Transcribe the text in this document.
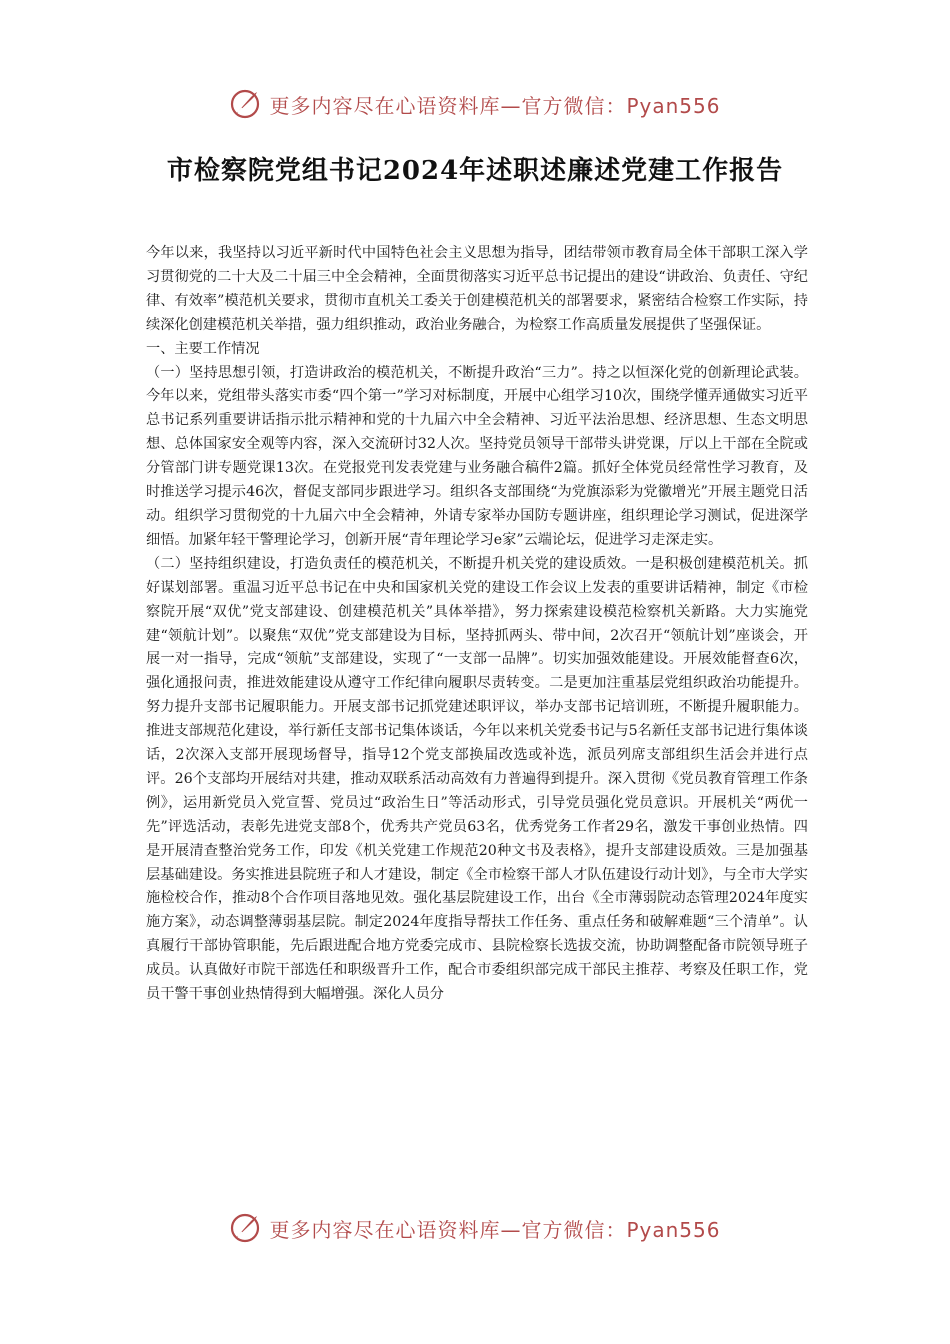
更多内容尽在心语资料库—官方微信：Pyan556
市检察院党组书记2024年述职述廉述党建工作报告

今年以来，我坚持以习近平新时代中国特色社会主义思想为指导，团结带领市教育局全体干部职工深入学习贯彻党的二十大及二十届三中全会精神，全面贯彻落实习近平总书记提出的建设“讲政治、负责任、守纪律、有效率”模范机关要求，贯彻市直机关工委关于创建模范机关的部署要求，紧密结合检察工作实际，持续深化创建模范机关举措，强力组织推动，政治业务融合，为检察工作高质量发展提供了坚强保证。

一、主要工作情况

（一）坚持思想引领，打造讲政治的模范机关，不断提升政治“三力”。持之以恒深化党的创新理论武装。今年以来，党组带头落实市委“四个第一”学习对标制度，开展中心组学习10次，围绕学懂弄通做实习近平总书记系列重要讲话指示批示精神和党的十九届六中全会精神、习近平法治思想、经济思想、生态文明思想、总体国家安全观等内容，深入交流研讨32人次。坚持党员领导干部带头讲党课，厅以上干部在全院或分管部门讲专题党课13次。在党报党刊发表党建与业务融合稿件2篇。抓好全体党员经常性学习教育，及时推送学习提示46次，督促支部同步跟进学习。组织各支部围绕“为党旗添彩为党徽增光”开展主题党日活动。组织学习贯彻党的十九届六中全会精神，外请专家举办国防专题讲座，组织理论学习测试，促进深学细悟。加紧年轻干警理论学习，创新开展“青年理论学习e家”云端论坛，促进学习走深走实。

（二）坚持组织建设，打造负责任的模范机关，不断提升机关党的建设质效。一是积极创建模范机关。抓好谋划部署。重温习近平总书记在中央和国家机关党的建设工作会议上发表的重要讲话精神，制定《市检察院开展“双优”党支部建设、创建模范机关”具体举措》，努力探索建设模范检察机关新路。大力实施党建“领航计划”。以聚焦“双优”党支部建设为目标，坚持抓两头、带中间，2次召开“领航计划”座谈会，开展一对一指导，完成“领航”支部建设，实现了“一支部一品牌”。切实加强效能建设。开展效能督查6次，强化通报问责，推进效能建设从遵守工作纪律向履职尽责转变。二是更加注重基层党组织政治功能提升。努力提升支部书记履职能力。开展支部书记抓党建述职评议，举办支部书记培训班，不断提升履职能力。推进支部规范化建设，举行新任支部书记集体谈话，今年以来机关党委书记与5名新任支部书记进行集体谈话，2次深入支部开展现场督导，指导12个党支部换届改选或补选，派员列席支部组织生活会并进行点评。26个支部均开展结对共建，推动双联系活动高效有力普遍得到提升。深入贯彻《党员教育管理工作条例》，运用新党员入党宣誓、党员过“政治生日”等活动形式，引导党员强化党员意识。开展机关“两优一先”评选活动，表彰先进党支部8个，优秀共产党员63名，优秀党务工作者29名，激发干事创业热情。四是开展清查整治党务工作，印发《机关党建工作规范20种文书及表格》，提升支部建设质效。三是加强基层基础建设。务实推进县院班子和人才建设，制定《全市检察干部人才队伍建设行动计划》，与全市大学实施检校合作，推动8个合作项目落地见效。强化基层院建设工作，出台《全市薄弱院动态管理2024年度实施方案》，动态调整薄弱基层院。制定2024年度指导帮扶工作任务、重点任务和破解难题“三个清单”。认真履行干部协管职能，先后跟进配合地方党委完成市、县院检察长选拔交流，协助调整配备市院领导班子成员。认真做好市院干部选任和职级晋升工作，配合市委组织部完成干部民主推荐、考察及任职工作，党员干警干事创业热情得到大幅增强。深化人员分

更多内容尽在心语资料库—官方微信：Pyan556
